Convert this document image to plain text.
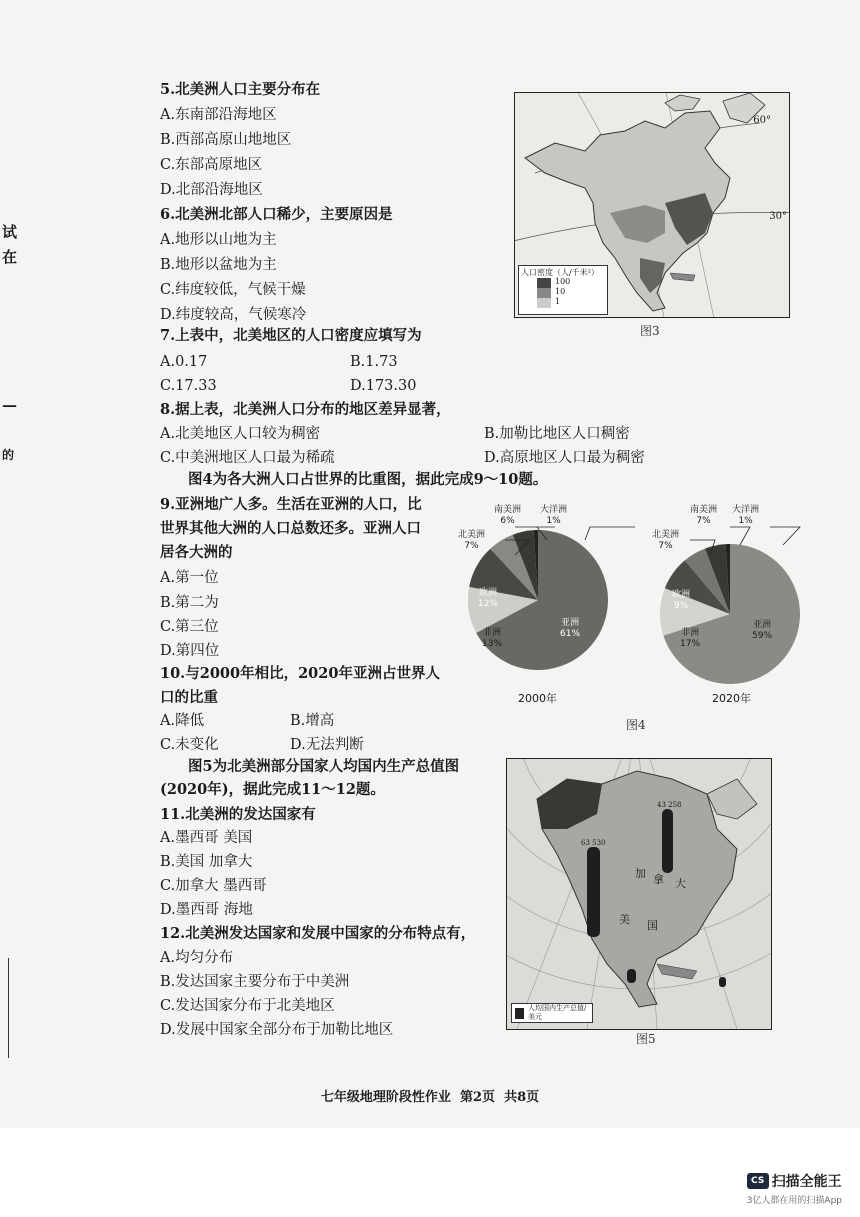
试
在
—
的
5.北美洲人口主要分布在
A.东南部沿海地区
B.西部高原山地地区
C.东部高原地区
D.北部沿海地区
6.北美洲北部人口稀少，主要原因是
A.地形以山地为主
B.地形以盆地为主
C.纬度较低，气候干燥
D.纬度较高，气候寒冷
7.上表中，北美地区的人口密度应填写为
A.0.17	B.1.73
C.17.33	D.173.30
8.据上表，北美洲人口分布的地区差异显著，
A.北美地区人口较为稠密	B.加勒比地区人口稠密
C.中美洲地区人口最为稀疏	D.高原地区人口最为稠密
图4为各大洲人口占世界的比重图，据此完成9～10题。
9.亚洲地广人多。生活在亚洲的人口，比
世界其他大洲的人口总数还多。亚洲人口
居各大洲的
A.第一位
B.第二为
C.第三位
D.第四位
10.与2000年相比，2020年亚洲占世界人
口的比重
A.降低	B.增高
C.未变化	D.无法判断
图5为北美洲部分国家人均国内生产总值图
(2020年)，据此完成11～12题。
11.北美洲的发达国家有
A.墨西哥 美国
B.美国 加拿大
C.加拿大 墨西哥
D.墨西哥 海地
12.北美洲发达国家和发展中国家的分布特点有，
A.均匀分布
B.发达国家主要分布于中美洲
C.发达国家分布于北美地区
D.发展中国家全部分布于加勒比地区
60°
30°
人口密度（人/千米²）
100
10
1
图3
南美洲
6%
大洋洲
1%
北美洲
7%
欧洲
12%
非洲
13%
亚洲
61%
2000年
南美洲
7%
大洋洲
1%
北美洲
7%
欧洲
9%
非洲
17%
亚洲
59%
2020年
图4
63 530
43 258
加 拿 大
美 国
人均国内生产总值/美元
图5
七年级地理阶段性作业 第2页 共8页
CS 扫描全能王
3亿人都在用的扫描App
